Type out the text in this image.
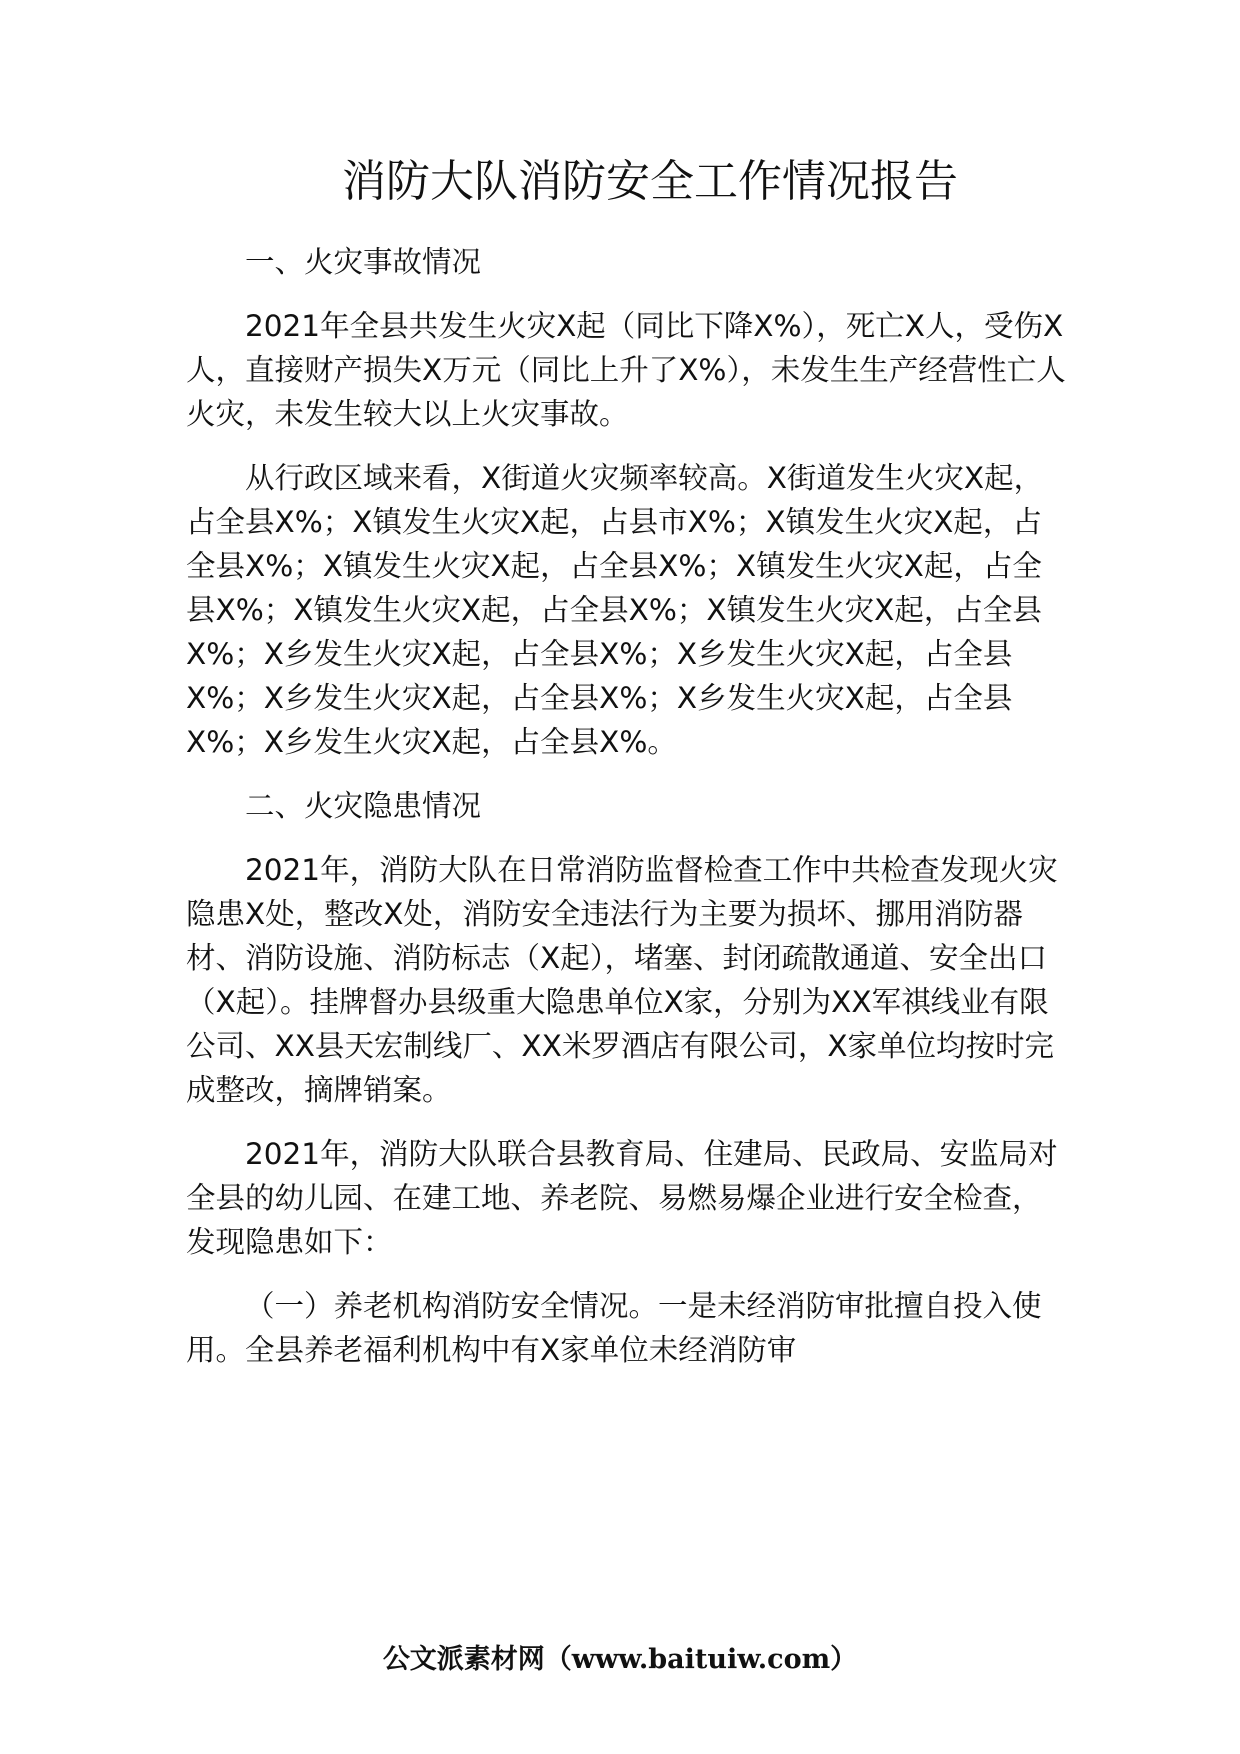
消防大队消防安全工作情况报告

一、火灾事故情况

2021年全县共发生火灾X起（同比下降X%），死亡X人，受伤X人，直接财产损失X万元（同比上升了X%），未发生生产经营性亡人火灾，未发生较大以上火灾事故。

从行政区域来看，X街道火灾频率较高。X街道发生火灾X起，占全县X%；X镇发生火灾X起，占县市X%；X镇发生火灾X起，占全县X%；X镇发生火灾X起，占全县X%；X镇发生火灾X起，占全县X%；X镇发生火灾X起，占全县X%；X镇发生火灾X起，占全县X%；X乡发生火灾X起，占全县X%；X乡发生火灾X起，占全县X%；X乡发生火灾X起，占全县X%；X乡发生火灾X起，占全县X%；X乡发生火灾X起，占全县X%。

二、火灾隐患情况

2021年，消防大队在日常消防监督检查工作中共检查发现火灾隐患X处，整改X处，消防安全违法行为主要为损坏、挪用消防器材、消防设施、消防标志（X起），堵塞、封闭疏散通道、安全出口（X起）。挂牌督办县级重大隐患单位X家，分别为XX军祺线业有限公司、XX县天宏制线厂、XX米罗酒店有限公司，X家单位均按时完成整改，摘牌销案。

2021年，消防大队联合县教育局、住建局、民政局、安监局对全县的幼儿园、在建工地、养老院、易燃易爆企业进行安全检查，发现隐患如下：

（一）养老机构消防安全情况。一是未经消防审批擅自投入使用。全县养老福利机构中有X家单位未经消防审

公文派素材网（www.baituiw.com）
